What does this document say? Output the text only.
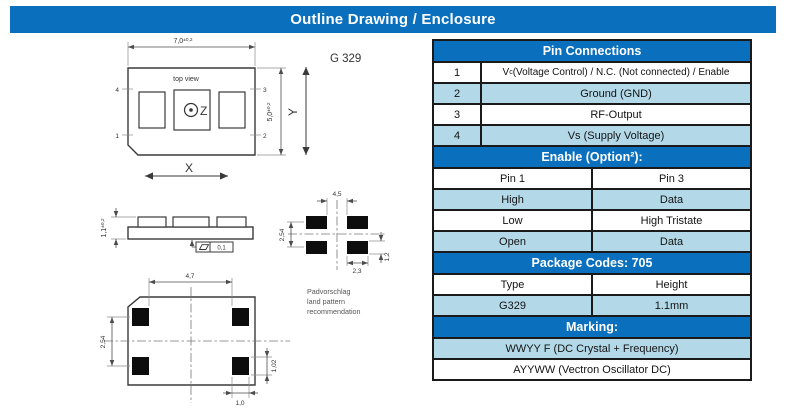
Outline Drawing / Enclosure
top view
Z
$7,0^{\pm 0,2}$
$5,0^{\pm 0,2}$
4
1
3
2
Y
X
G 329
$1,1^{\pm 0,2}$
0,1
4,5
2,54
2,3
1,2
Padvorschlag
land pattern
recommendation
4,7
2,54
1,02
1,0
Pin Connections
1	V c (Voltage Control) / N.C. (Not connected) / Enable
2	Ground (GND)
3	RF-Output
4	Vs (Supply Voltage)
Enable (Option²):
Pin 1	Pin 3
High	Data
Low	High Tristate
Open	Data
Package Codes: 705
Type	Height
G329	1.1mm
Marking:
WWYY F (DC Crystal + Frequency)
AYYWW (Vectron Oscillator DC)
